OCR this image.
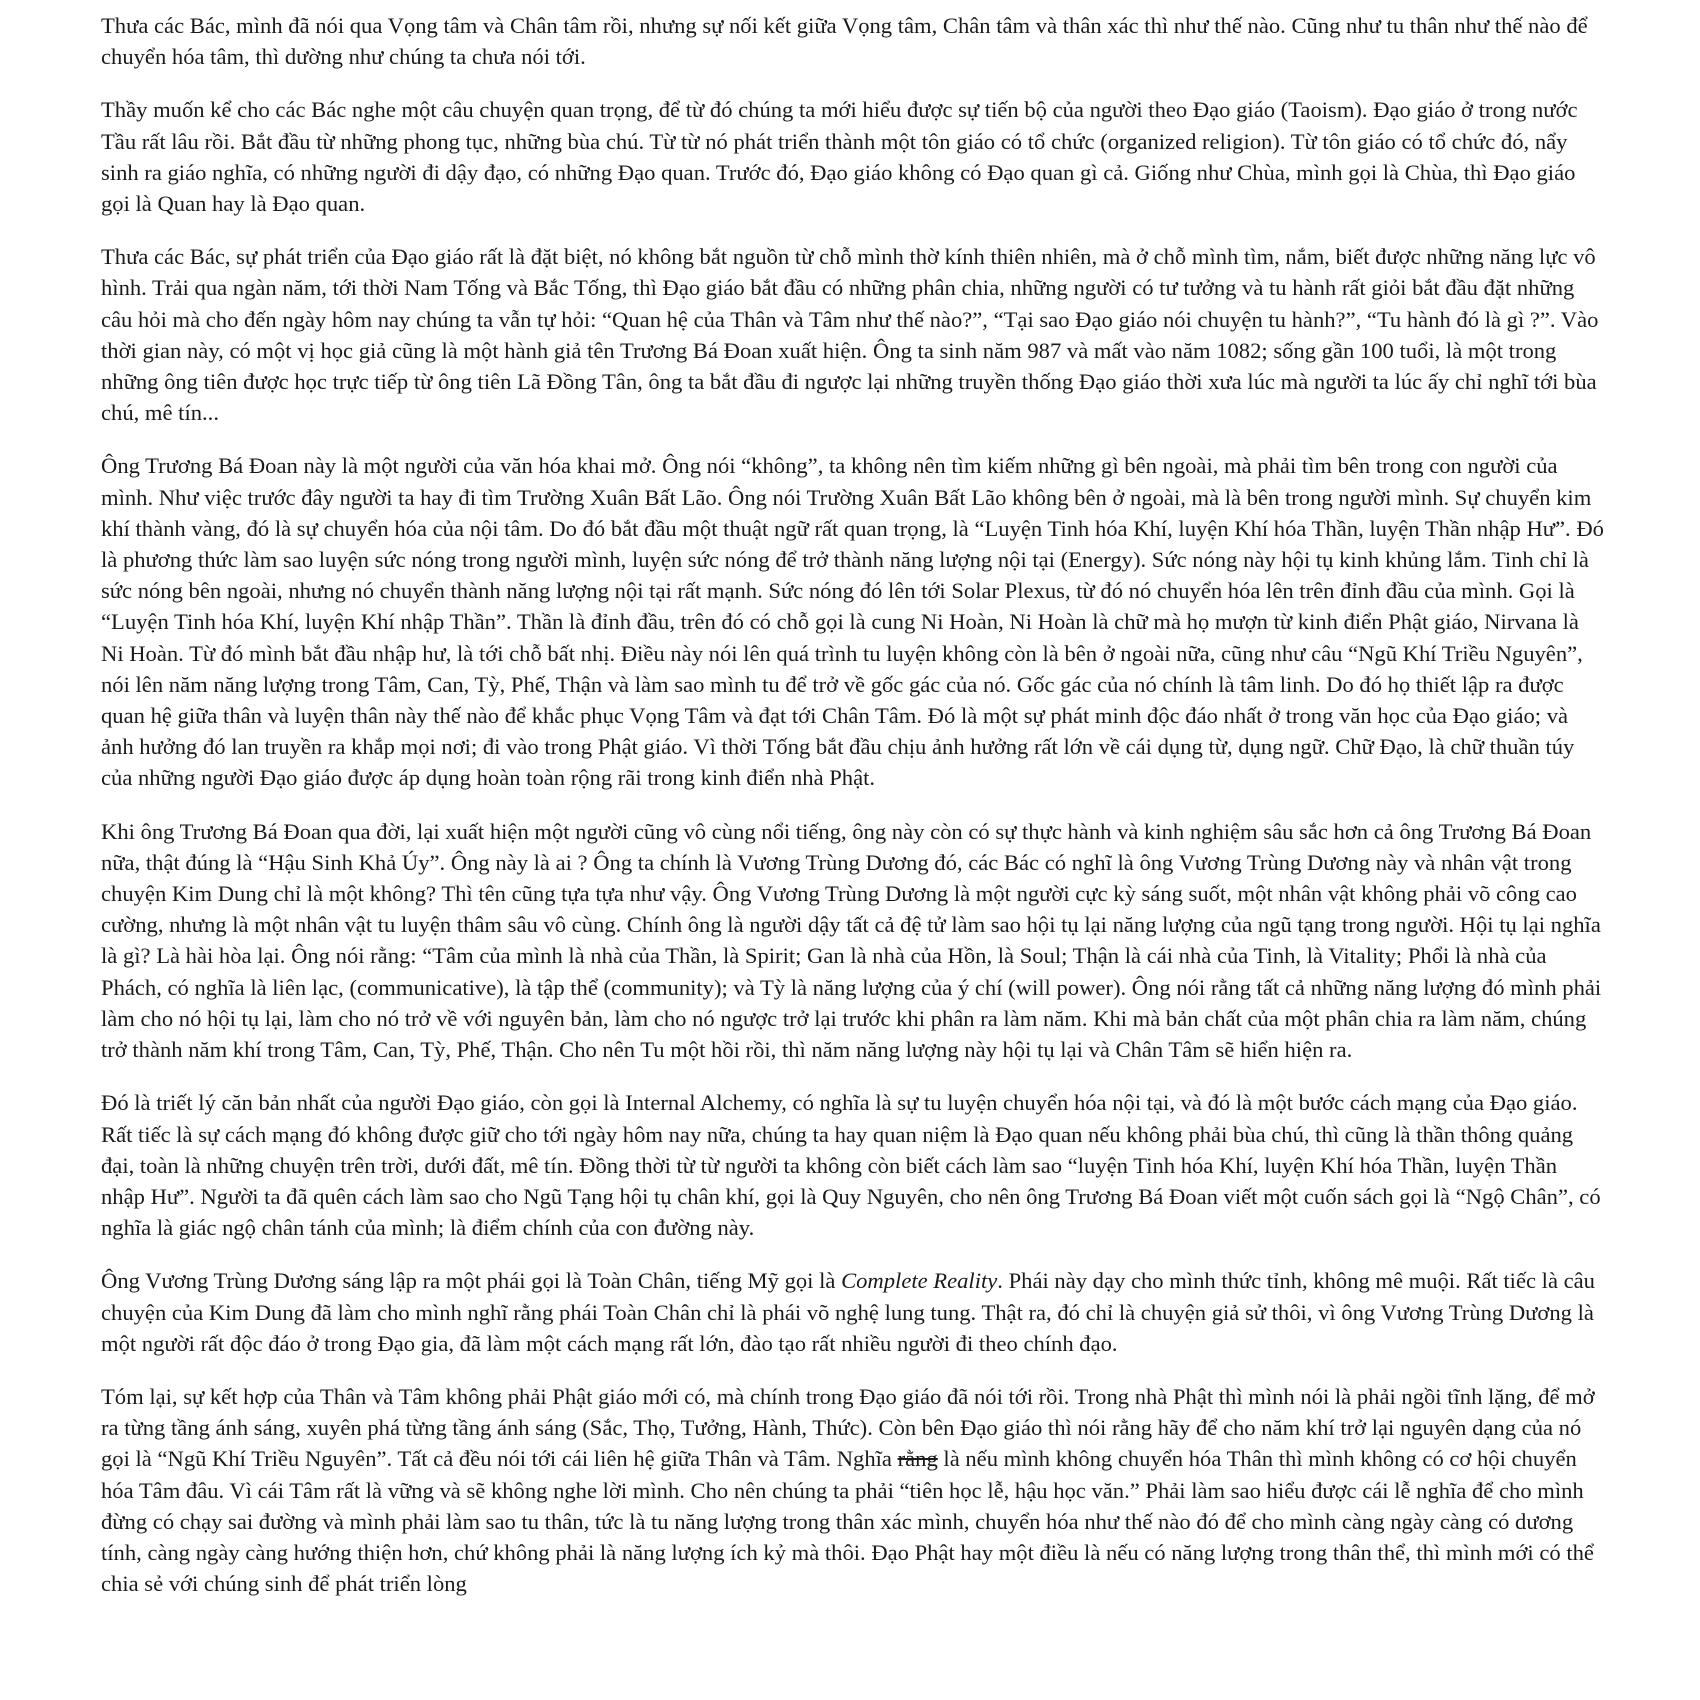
Thưa các Bác, mình đã nói qua Vọng tâm và Chân tâm rồi, nhưng sự nối kết giữa Vọng tâm, Chân tâm và thân xác thì như thế nào. Cũng như tu thân như thế nào để chuyển hóa tâm, thì dường như chúng ta chưa nói tới.

Thầy muốn kể cho các Bác nghe một câu chuyện quan trọng, để từ đó chúng ta mới hiểu được sự tiến bộ của người theo Đạo giáo (Taoism). Đạo giáo ở trong nước Tầu rất lâu rồi. Bắt đầu từ những phong tục, những bùa chú. Từ từ nó phát triển thành một tôn giáo có tổ chức (organized religion). Từ tôn giáo có tổ chức đó, nẩy sinh ra giáo nghĩa, có những người đi dậy đạo, có những Đạo quan. Trước đó, Đạo giáo không có Đạo quan gì cả. Giống như Chùa, mình gọi là Chùa, thì Đạo giáo gọi là Quan hay là Đạo quan.

Thưa các Bác, sự phát triển của Đạo giáo rất là đặt biệt, nó không bắt nguồn từ chỗ mình thờ kính thiên nhiên, mà ở chỗ mình tìm, nắm, biết được những năng lực vô hình. Trải qua ngàn năm, tới thời Nam Tống và Bắc Tống, thì Đạo giáo bắt đầu có những phân chia, những người có tư tưởng và tu hành rất giỏi bắt đầu đặt những câu hỏi mà cho đến ngày hôm nay chúng ta vẫn tự hỏi: “Quan hệ của Thân và Tâm như thế nào?”, “Tại sao Đạo giáo nói chuyện tu hành?”, “Tu hành đó là gì ?”. Vào thời gian này, có một vị học giả cũng là một hành giả tên Trương Bá Đoan xuất hiện. Ông ta sinh năm 987 và mất vào năm 1082; sống gần 100 tuổi, là một trong những ông tiên được học trực tiếp từ ông tiên Lã Đồng Tân, ông ta bắt đầu đi ngược lại những truyền thống Đạo giáo thời xưa lúc mà người ta lúc ấy chỉ nghĩ tới bùa chú, mê tín...

Ông Trương Bá Đoan này là một người của văn hóa khai mở. Ông nói “không”, ta không nên tìm kiếm những gì bên ngoài, mà phải tìm bên trong con người của mình. Như việc trước đây người ta hay đi tìm Trường Xuân Bất Lão. Ông nói Trường Xuân Bất Lão không bên ở ngoài, mà là bên trong người mình. Sự chuyển kim khí thành vàng, đó là sự chuyển hóa của nội tâm. Do đó bắt đầu một thuật ngữ rất quan trọng, là “Luyện Tinh hóa Khí, luyện Khí hóa Thần, luyện Thần nhập Hư”. Đó là phương thức làm sao luyện sức nóng trong người mình, luyện sức nóng để trở thành năng lượng nội tại (Energy). Sức nóng này hội tụ kinh khủng lắm. Tinh chỉ là sức nóng bên ngoài, nhưng nó chuyển thành năng lượng nội tại rất mạnh. Sức nóng đó lên tới Solar Plexus, từ đó nó chuyển hóa lên trên đỉnh đầu của mình. Gọi là “Luyện Tinh hóa Khí, luyện Khí nhập Thần”. Thần là đỉnh đầu, trên đó có chỗ gọi là cung Ni Hoàn, Ni Hoàn là chữ mà họ mượn từ kinh điển Phật giáo, Nirvana là Ni Hoàn. Từ đó mình bắt đầu nhập hư, là tới chỗ bất nhị. Điều này nói lên quá trình tu luyện không còn là bên ở ngoài nữa, cũng như câu “Ngũ Khí Triều Nguyên”, nói lên năm năng lượng trong Tâm, Can, Tỳ, Phế, Thận và làm sao mình tu để trở về gốc gác của nó. Gốc gác của nó chính là tâm linh. Do đó họ thiết lập ra được quan hệ giữa thân và luyện thân này thế nào để khắc phục Vọng Tâm và đạt tới Chân Tâm. Đó là một sự phát minh độc đáo nhất ở trong văn học của Đạo giáo; và ảnh hưởng đó lan truyền ra khắp mọi nơi; đi vào trong Phật giáo. Vì thời Tống bắt đầu chịu ảnh hưởng rất lớn về cái dụng từ, dụng ngữ. Chữ Đạo, là chữ thuần túy của những người Đạo giáo được áp dụng hoàn toàn rộng rãi trong kinh điển nhà Phật.

Khi ông Trương Bá Đoan qua đời, lại xuất hiện một người cũng vô cùng nổi tiếng, ông này còn có sự thực hành và kinh nghiệm sâu sắc hơn cả ông Trương Bá Đoan nữa, thật đúng là “Hậu Sinh Khả Úy”. Ông này là ai ? Ông ta chính là Vương Trùng Dương đó, các Bác có nghĩ là ông Vương Trùng Dương này và nhân vật trong chuyện Kim Dung chỉ là một không? Thì tên cũng tựa tựa như vậy. Ông Vương Trùng Dương là một người cực kỳ sáng suốt, một nhân vật không phải võ công cao cường, nhưng là một nhân vật tu luyện thâm sâu vô cùng. Chính ông là người dậy tất cả đệ tử làm sao hội tụ lại năng lượng của ngũ tạng trong người. Hội tụ lại nghĩa là gì? Là hài hòa lại. Ông nói rằng: “Tâm của mình là nhà của Thần, là Spirit; Gan là nhà của Hồn, là Soul; Thận là cái nhà của Tinh, là Vitality; Phổi là nhà của Phách, có nghĩa là liên lạc, (communicative), là tập thể (community); và Tỳ là năng lượng của ý chí (will power). Ông nói rằng tất cả những năng lượng đó mình phải làm cho nó hội tụ lại, làm cho nó trở về với nguyên bản, làm cho nó ngược trở lại trước khi phân ra làm năm. Khi mà bản chất của một phân chia ra làm năm, chúng trở thành năm khí trong Tâm, Can, Tỳ, Phế, Thận. Cho nên Tu một hồi rồi, thì năm năng lượng này hội tụ lại và Chân Tâm sẽ hiển hiện ra.

Đó là triết lý căn bản nhất của người Đạo giáo, còn gọi là Internal Alchemy, có nghĩa là sự tu luyện chuyển hóa nội tại, và đó là một bước cách mạng của Đạo giáo. Rất tiếc là sự cách mạng đó không được giữ cho tới ngày hôm nay nữa, chúng ta hay quan niệm là Đạo quan nếu không phải bùa chú, thì cũng là thần thông quảng đại, toàn là những chuyện trên trời, dưới đất, mê tín. Đồng thời từ từ người ta không còn biết cách làm sao “luyện Tinh hóa Khí, luyện Khí hóa Thần, luyện Thần nhập Hư”. Người ta đã quên cách làm sao cho Ngũ Tạng hội tụ chân khí, gọi là Quy Nguyên, cho nên ông Trương Bá Đoan viết một cuốn sách gọi là “Ngộ Chân”, có nghĩa là giác ngộ chân tánh của mình; là điểm chính của con đường này.

Ông Vương Trùng Dương sáng lập ra một phái gọi là Toàn Chân, tiếng Mỹ gọi là Complete Reality. Phái này dạy cho mình thức tỉnh, không mê muội. Rất tiếc là câu chuyện của Kim Dung đã làm cho mình nghĩ rằng phái Toàn Chân chỉ là phái võ nghệ lung tung. Thật ra, đó chỉ là chuyện giả sử thôi, vì ông Vương Trùng Dương là một người rất độc đáo ở trong Đạo gia, đã làm một cách mạng rất lớn, đào tạo rất nhiều người đi theo chính đạo.

Tóm lại, sự kết hợp của Thân và Tâm không phải Phật giáo mới có, mà chính trong Đạo giáo đã nói tới rồi. Trong nhà Phật thì mình nói là phải ngồi tĩnh lặng, để mở ra từng tầng ánh sáng, xuyên phá từng tầng ánh sáng (Sắc, Thọ, Tưởng, Hành, Thức). Còn bên Đạo giáo thì nói rằng hãy để cho năm khí trở lại nguyên dạng của nó gọi là “Ngũ Khí Triều Nguyên”. Tất cả đều nói tới cái liên hệ giữa Thân và Tâm. Nghĩa rằng là nếu mình không chuyển hóa Thân thì mình không có cơ hội chuyển hóa Tâm đâu. Vì cái Tâm rất là vững và sẽ không nghe lời mình. Cho nên chúng ta phải “tiên học lễ, hậu học văn.” Phải làm sao hiểu được cái lễ nghĩa để cho mình đừng có chạy sai đường và mình phải làm sao tu thân, tức là tu năng lượng trong thân xác mình, chuyển hóa như thế nào đó để cho mình càng ngày càng có dương tính, càng ngày càng hướng thiện hơn, chứ không phải là năng lượng ích kỷ mà thôi. Đạo Phật hay một điều là nếu có năng lượng trong thân thể, thì mình mới có thể chia sẻ với chúng sinh để phát triển lòng
